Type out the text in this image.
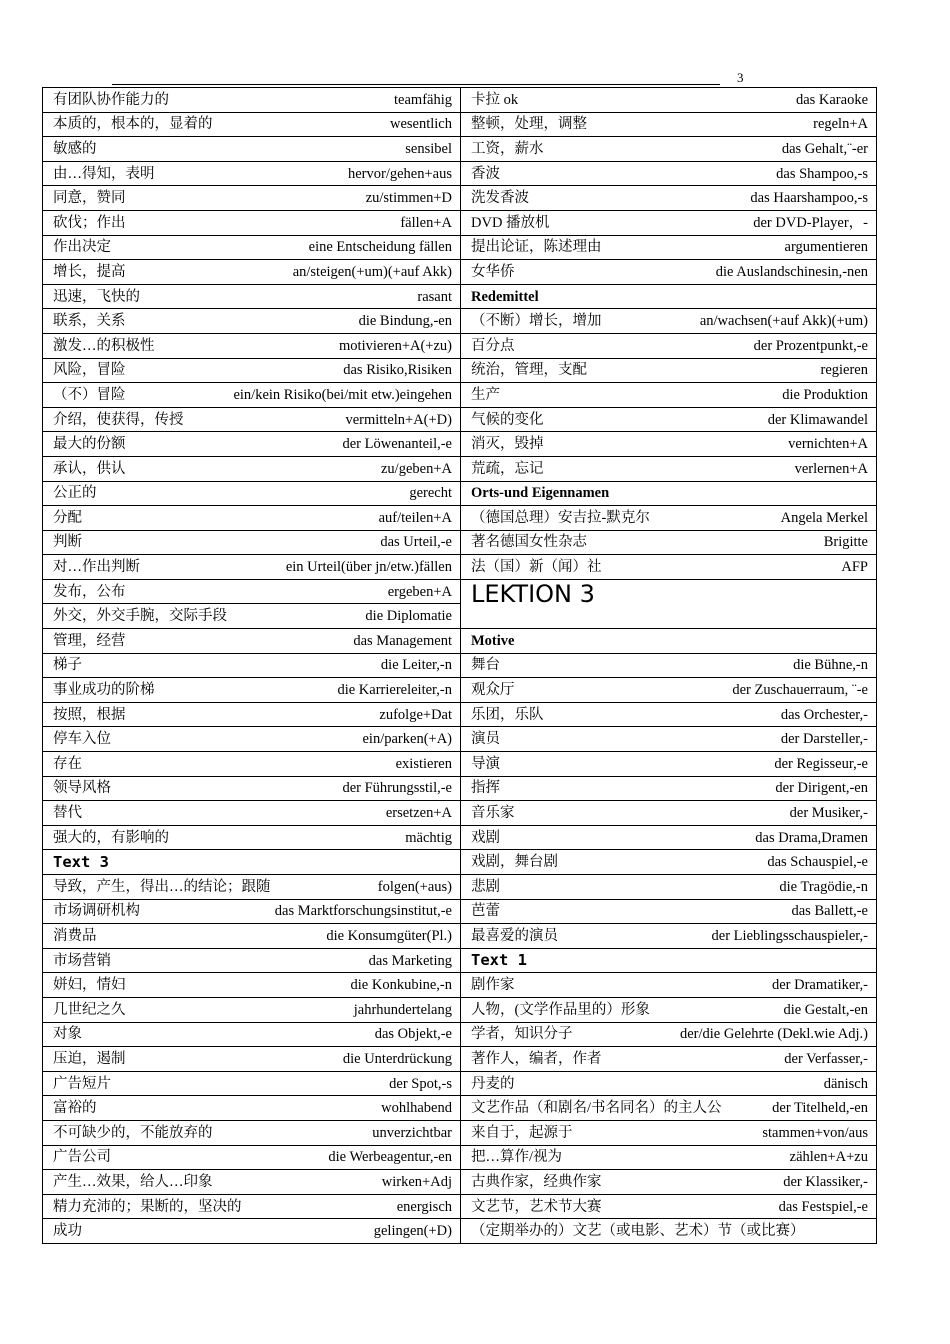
3
有团队协作能力的 teamfähig	卡拉 ok das Karaoke

本质的，根本的，显着的 wesentlich	整顿，处理，调整 regeln+A

敏感的 sensibel	工资，薪水 das Gehalt,¨-er

由…得知，表明 hervor/gehen+aus	香波 das Shampoo,-s

同意，赞同 zu/stimmen+D	洗发香波 das Haarshampoo,-s

砍伐；作出 fällen+A	DVD 播放机 der DVD-Player，-

作出决定 eine Entscheidung fällen	提出论证，陈述理由 argumentieren

增长，提高 an/steigen(+um)(+auf Akk)	女华侨 die Auslandschinesin,-nen

迅速，飞快的 rasant	Redemittel

联系，关系 die Bindung,-en	（不断）增长，增加 an/wachsen(+auf Akk)(+um)

激发…的积极性 motivieren+A(+zu)	百分点 der Prozentpunkt,-e

风险，冒险 das Risiko,Risiken	统治，管理，支配 regieren

（不）冒险 ein/kein Risiko(bei/mit etw.)eingehen	生产 die Produktion

介绍，使获得，传授 vermitteln+A(+D)	气候的变化 der Klimawandel

最大的份额 der Löwenanteil,-e	消灭，毁掉 vernichten+A

承认，供认 zu/geben+A	荒疏，忘记 verlernen+A

公正的 gerecht	Orts-und Eigennamen

分配 auf/teilen+A	（德国总理）安吉拉-默克尔 Angela Merkel

判断 das Urteil,-e	著名德国女性杂志 Brigitte

对…作出判断 ein Urteil(über jn/etw.)fällen	法（国）新（闻）社 AFP

发布，公布 ergeben+A	LEKTION 3

外交，外交手腕，交际手段 die Diplomatie	

管理，经营 das Management	Motive

梯子 die Leiter,-n	舞台 die Bühne,-n

事业成功的阶梯 die Karriereleiter,-n	观众厅 der Zuschauerraum, ¨-e

按照，根据 zufolge+Dat	乐团，乐队 das Orchester,-

停车入位 ein/parken(+A)	演员 der Darsteller,-

存在 existieren	导演 der Regisseur,-e

领导风格 der Führungsstil,-e	指挥 der Dirigent,-en

替代 ersetzen+A	音乐家 der Musiker,-

强大的，有影响的 mächtig	戏剧 das Drama,Dramen

Text 3	戏剧，舞台剧 das Schauspiel,-e

导致，产生，得出…的结论；跟随 folgen(+aus)	悲剧 die Tragödie,-n

市场调研机构 das Marktforschungsinstitut,-e	芭蕾 das Ballett,-e

消费品 die Konsumgüter(Pl.)	最喜爱的演员 der Lieblingsschauspieler,-

市场营销 das Marketing	Text 1

姘妇，情妇 die Konkubine,-n	剧作家 der Dramatiker,-

几世纪之久 jahrhundertelang	人物，(文学作品里的）形象 die Gestalt,-en

对象 das Objekt,-e	学者，知识分子 der/die Gelehrte (Dekl.wie Adj.)

压迫，遏制 die Unterdrückung	著作人，编者，作者 der Verfasser,-

广告短片 der Spot,-s	丹麦的 dänisch

富裕的 wohlhabend	文艺作品（和剧名/书名同名）的主人公 der Titelheld,-en

不可缺少的，不能放弃的 unverzichtbar	来自于，起源于 stammen+von/aus

广告公司 die Werbeagentur,-en	把…算作/视为 zählen+A+zu

产生…效果，给人…印象 wirken+Adj	古典作家，经典作家 der Klassiker,-

精力充沛的；果断的，坚决的 energisch	文艺节，艺术节大赛 das Festspiel,-e

成功 gelingen(+D)	（定期举办的）文艺（或电影、艺术）节（或比赛）
